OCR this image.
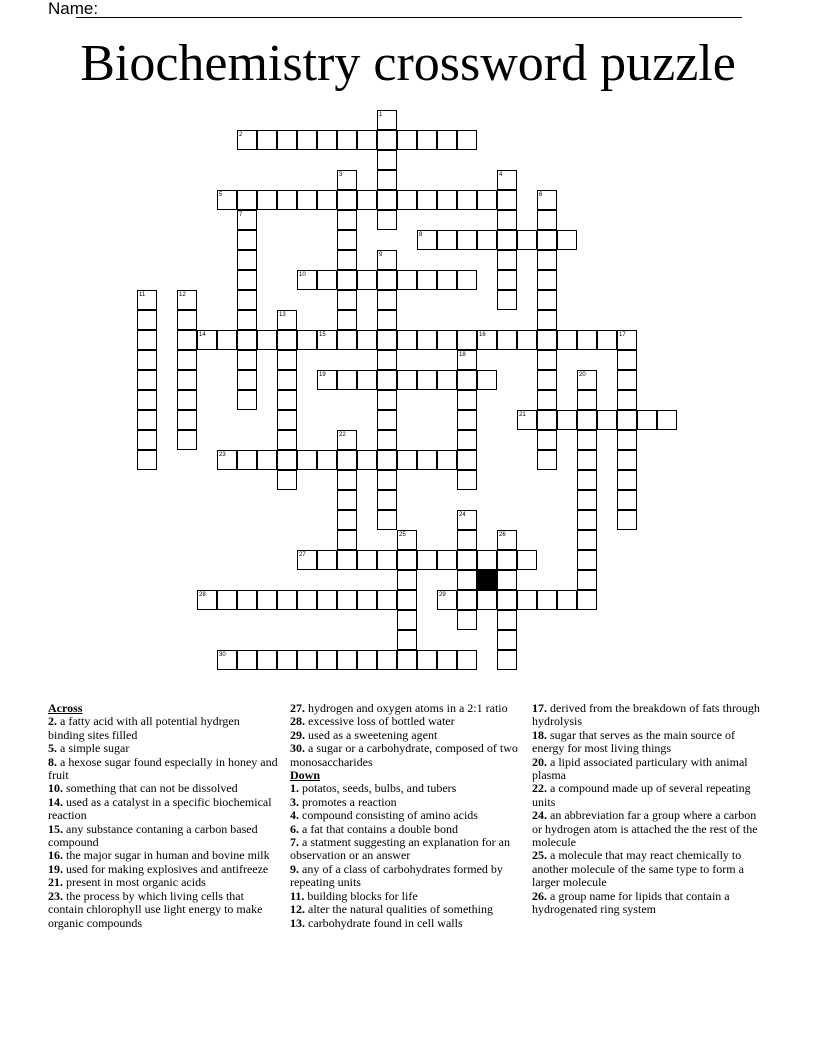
Name:
Biochemistry crossword puzzle
2
5
8
10
14	15	16
19
21
23
27
28	29
30
1
3	4
6
7
9
11	12
13
17
18
20
22
24
25	26
Across
2. a fatty acid with all potential hydrgen binding sites filled
5. a simple sugar
8. a hexose sugar found especially in honey and fruit
10. something that can not be dissolved
14. used as a catalyst in a specific biochemical reaction
15. any substance contaning a carbon based compound
16. the major sugar in human and bovine milk
19. used for making explosives and antifreeze
21. present in most organic acids
23. the process by which living cells that contain chlorophyll use light energy to make organic compounds
27. hydrogen and oxygen atoms in a 2:1 ratio
28. excessive loss of bottled water
29. used as a sweetening agent
30. a sugar or a carbohydrate, composed of two monosaccharides
Down
1. potatos, seeds, bulbs, and tubers
3. promotes a reaction
4. compound consisting of amino acids
6. a fat that contains a double bond
7. a statment suggesting an explanation for an observation or an answer
9. any of a class of carbohydrates formed by repeating units
11. building blocks for life
12. alter the natural qualities of something
13. carbohydrate found in cell walls
17. derived from the breakdown of fats through hydrolysis
18. sugar that serves as the main source of energy for most living things
20. a lipid associated particulary with animal plasma
22. a compound made up of several repeating units
24. an abbreviation far a group where a carbon or hydrogen atom is attached the the rest of the molecule
25. a molecule that may react chemically to another molecule of the same type to form a larger molecule
26. a group name for lipids that contain a hydrogenated ring system
